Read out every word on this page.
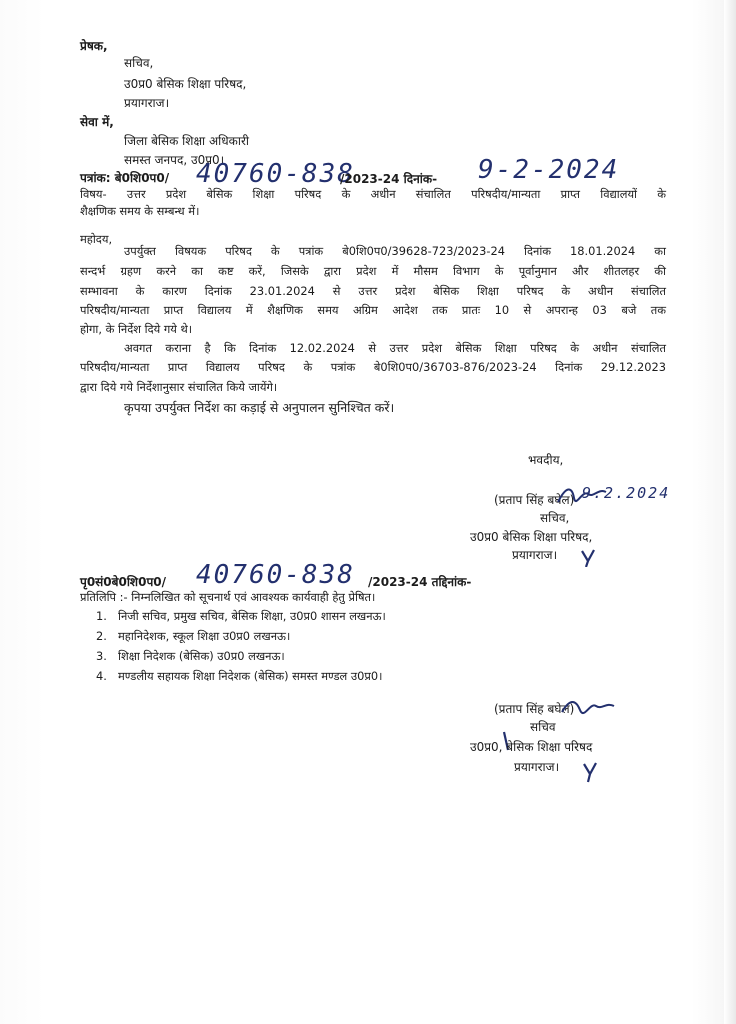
प्रेषक,
सचिव,
उ0प्र0 बेसिक शिक्षा परिषद,
प्रयागराज।
सेवा में,
जिला बेसिक शिक्षा अधिकारी
समस्त जनपद, उ0प्र0।
पत्रांक: बे0शि0प0/ 40760-838
/2023-24 दिनांक- 9-2-2024
विषय- उत्तर प्रदेश बेसिक शिक्षा परिषद के अधीन संचालित परिषदीय/मान्यता प्राप्त विद्यालयों के
शैक्षणिक समय के सम्बन्ध में।
महोदय,
उपर्युक्त विषयक परिषद के पत्रांक बे0शि0प0/39628-723/2023-24 दिनांक 18.01.2024 का
सन्दर्भ ग्रहण करने का कष्ट करें, जिसके द्वारा प्रदेश में मौसम विभाग के पूर्वानुमान और शीतलहर की
सम्भावना के कारण दिनांक 23.01.2024 से उत्तर प्रदेश बेसिक शिक्षा परिषद के अधीन संचालित
परिषदीय/मान्यता प्राप्त विद्यालय में शैक्षणिक समय अग्रिम आदेश तक प्रातः 10 से अपरान्ह 03 बजे तक
होगा, के निर्देश दिये गये थे।
अवगत कराना है कि दिनांक 12.02.2024 से उत्तर प्रदेश बेसिक शिक्षा परिषद के अधीन संचालित
परिषदीय/मान्यता प्राप्त विद्यालय परिषद के पत्रांक बे0शि0प0/36703-876/2023-24 दिनांक 29.12.2023
द्वारा दिये गये निर्देशानुसार संचालित किये जायेंगे।
कृपया उपर्युक्त निर्देश का कड़ाई से अनुपालन सुनिश्चित करें।
भवदीय,
(प्रताप सिंह बघेल) 9.2.2024
सचिव,
उ0प्र0 बेसिक शिक्षा परिषद,
प्रयागराज।
पृ0सं0बे0शि0प0/ 40760-838 /2023-24 तद्दिनांक-
प्रतिलिपि :- निम्नलिखित को सूचनार्थ एवं आवश्यक कार्यवाही हेतु प्रेषित।
1. निजी सचिव, प्रमुख सचिव, बेसिक शिक्षा, उ0प्र0 शासन लखनऊ।
2. महानिदेशक, स्कूल शिक्षा उ0प्र0 लखनऊ।
3. शिक्षा निदेशक (बेसिक) उ0प्र0 लखनऊ।
4. मण्डलीय सहायक शिक्षा निदेशक (बेसिक) समस्त मण्डल उ0प्र0।
(प्रताप सिंह बघेल)
सचिव
उ0प्र0, बेसिक शिक्षा परिषद
प्रयागराज।
